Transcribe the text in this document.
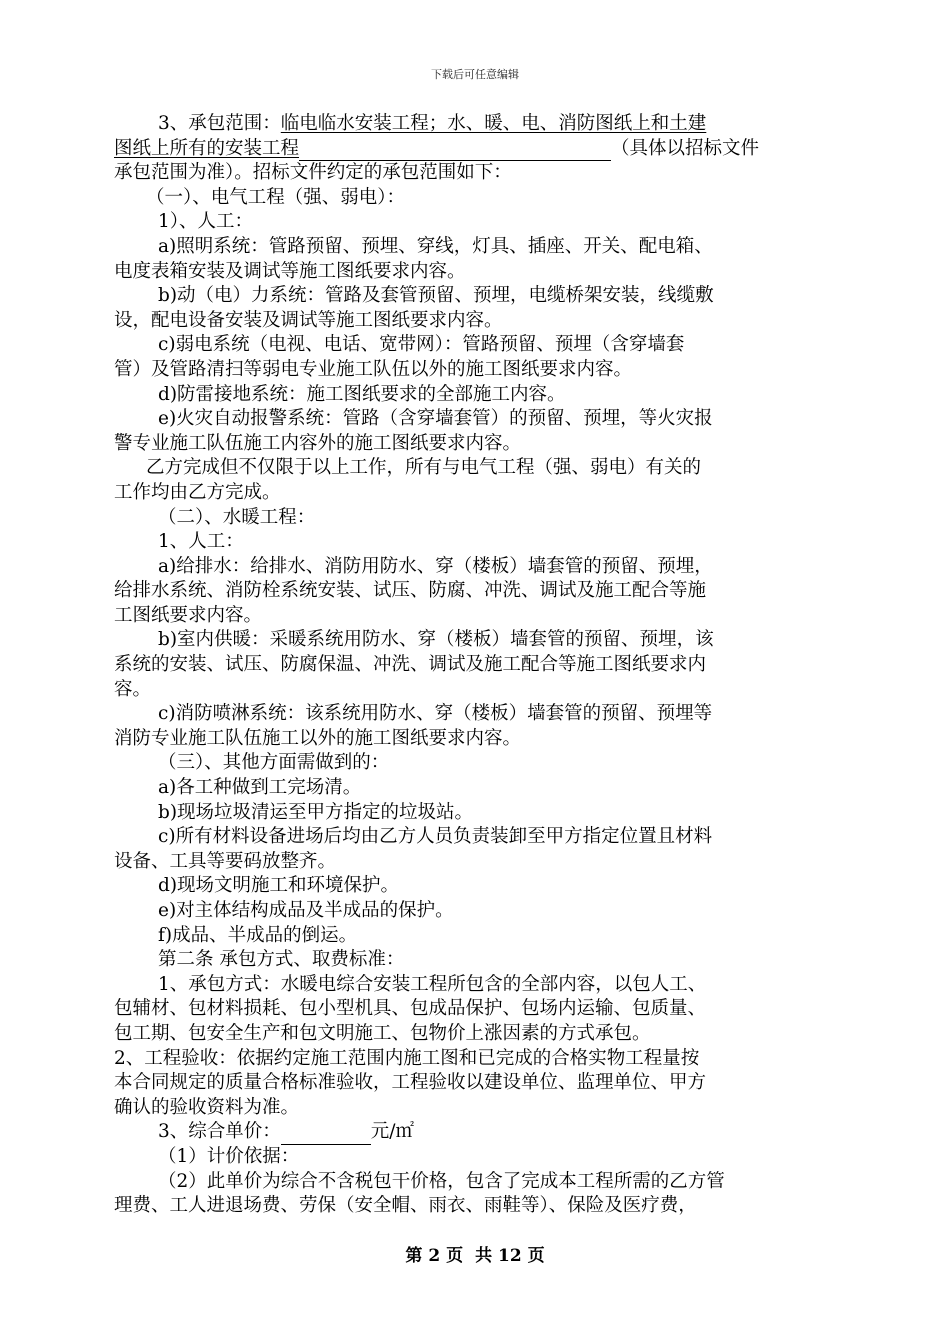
下载后可任意编辑
3、承包范围：临电临水安装工程；水、暖、电、消防图纸上和土建
图纸上所有的安装工程	（具体以招标文件
承包范围为准）。招标文件约定的承包范围如下：
（一）、电气工程（强、弱电）：
1）、人工：
a)照明系统：管路预留、预埋、穿线，灯具、插座、开关、配电箱、
电度表箱安装及调试等施工图纸要求内容。
b)动（电）力系统：管路及套管预留、预埋，电缆桥架安装，线缆敷
设，配电设备安装及调试等施工图纸要求内容。
c)弱电系统（电视、电话、宽带网）：管路预留、预埋（含穿墙套
管）及管路清扫等弱电专业施工队伍以外的施工图纸要求内容。
d)防雷接地系统：施工图纸要求的全部施工内容。
e)火灾自动报警系统：管路（含穿墙套管）的预留、预埋，等火灾报
警专业施工队伍施工内容外的施工图纸要求内容。
乙方完成但不仅限于以上工作，所有与电气工程（强、弱电）有关的
工作均由乙方完成。
（二）、水暖工程：
1、人工：
a)给排水：给排水、消防用防水、穿（楼板）墙套管的预留、预埋，
给排水系统、消防栓系统安装、试压、防腐、冲洗、调试及施工配合等施
工图纸要求内容。
b)室内供暖：采暖系统用防水、穿（楼板）墙套管的预留、预埋，该
系统的安装、试压、防腐保温、冲洗、调试及施工配合等施工图纸要求内
容。
c)消防喷淋系统：该系统用防水、穿（楼板）墙套管的预留、预埋等
消防专业施工队伍施工以外的施工图纸要求内容。
（三）、其他方面需做到的：
a)各工种做到工完场清。
b)现场垃圾清运至甲方指定的垃圾站。
c)所有材料设备进场后均由乙方人员负责装卸至甲方指定位置且材料
设备、工具等要码放整齐。
d)现场文明施工和环境保护。
e)对主体结构成品及半成品的保护。
f)成品、半成品的倒运。
第二条 承包方式、取费标准：
1、承包方式：水暖电综合安装工程所包含的全部内容，以包人工、
包辅材、包材料损耗、包小型机具、包成品保护、包场内运输、包质量、
包工期、包安全生产和包文明施工、包物价上涨因素的方式承包。
2、工程验收：依据约定施工范围内施工图和已完成的合格实物工程量按
本合同规定的质量合格标准验收，工程验收以建设单位、监理单位、甲方
确认的验收资料为准。
3、综合单价：	元/㎡
（1）计价依据：
（2）此单价为综合不含税包干价格，包含了完成本工程所需的乙方管
理费、工人进退场费、劳保（安全帽、雨衣、雨鞋等）、保险及医疗费，
第 2 页 共 12 页
